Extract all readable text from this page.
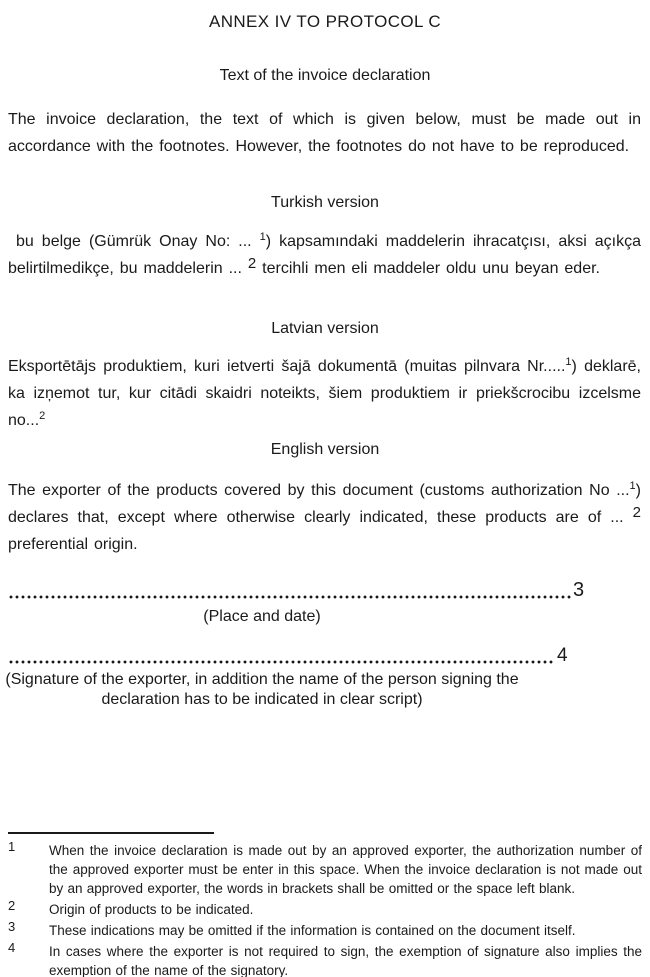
ANNEX IV TO PROTOCOL C
Text of the invoice declaration
The invoice declaration, the text of which is given below, must be made out in accordance with the footnotes. However, the footnotes do not have to be reproduced.
Turkish version
bu belge (Gümrük Onay No: ... $^1$) kapsamındaki maddelerin ihracatçısı, aksi açıkça belirtilmedikçe, bu maddelerin ... 2 tercihli men eli maddeler oldu unu beyan eder.
Latvian version
Eksportētājs produktiem, kuri ietverti šajā dokumentā (muitas pilnvara Nr.....$^1$) deklarē, ka izņemot tur, kur citādi skaidri noteikts, šiem produktiem ir priekšcrocibu izcelsme no...$^2$
English version
The exporter of the products covered by this document (customs authorization No ...$^1$) declares that, except where otherwise clearly indicated, these products are of ... 2 preferential origin.
3
(Place and date)
4
(Signature of the exporter, in addition the name of the person signing the declaration has to be indicated in clear script)
1	When the invoice declaration is made out by an approved exporter, the authorization number of the approved exporter must be enter in this space. When the invoice declaration is not made out by an approved exporter, the words in brackets shall be omitted or the space left blank.
2	Origin of products to be indicated.
3	These indications may be omitted if the information is contained on the document itself.
4	In cases where the exporter is not required to sign, the exemption of signature also implies the exemption of the name of the signatory.
